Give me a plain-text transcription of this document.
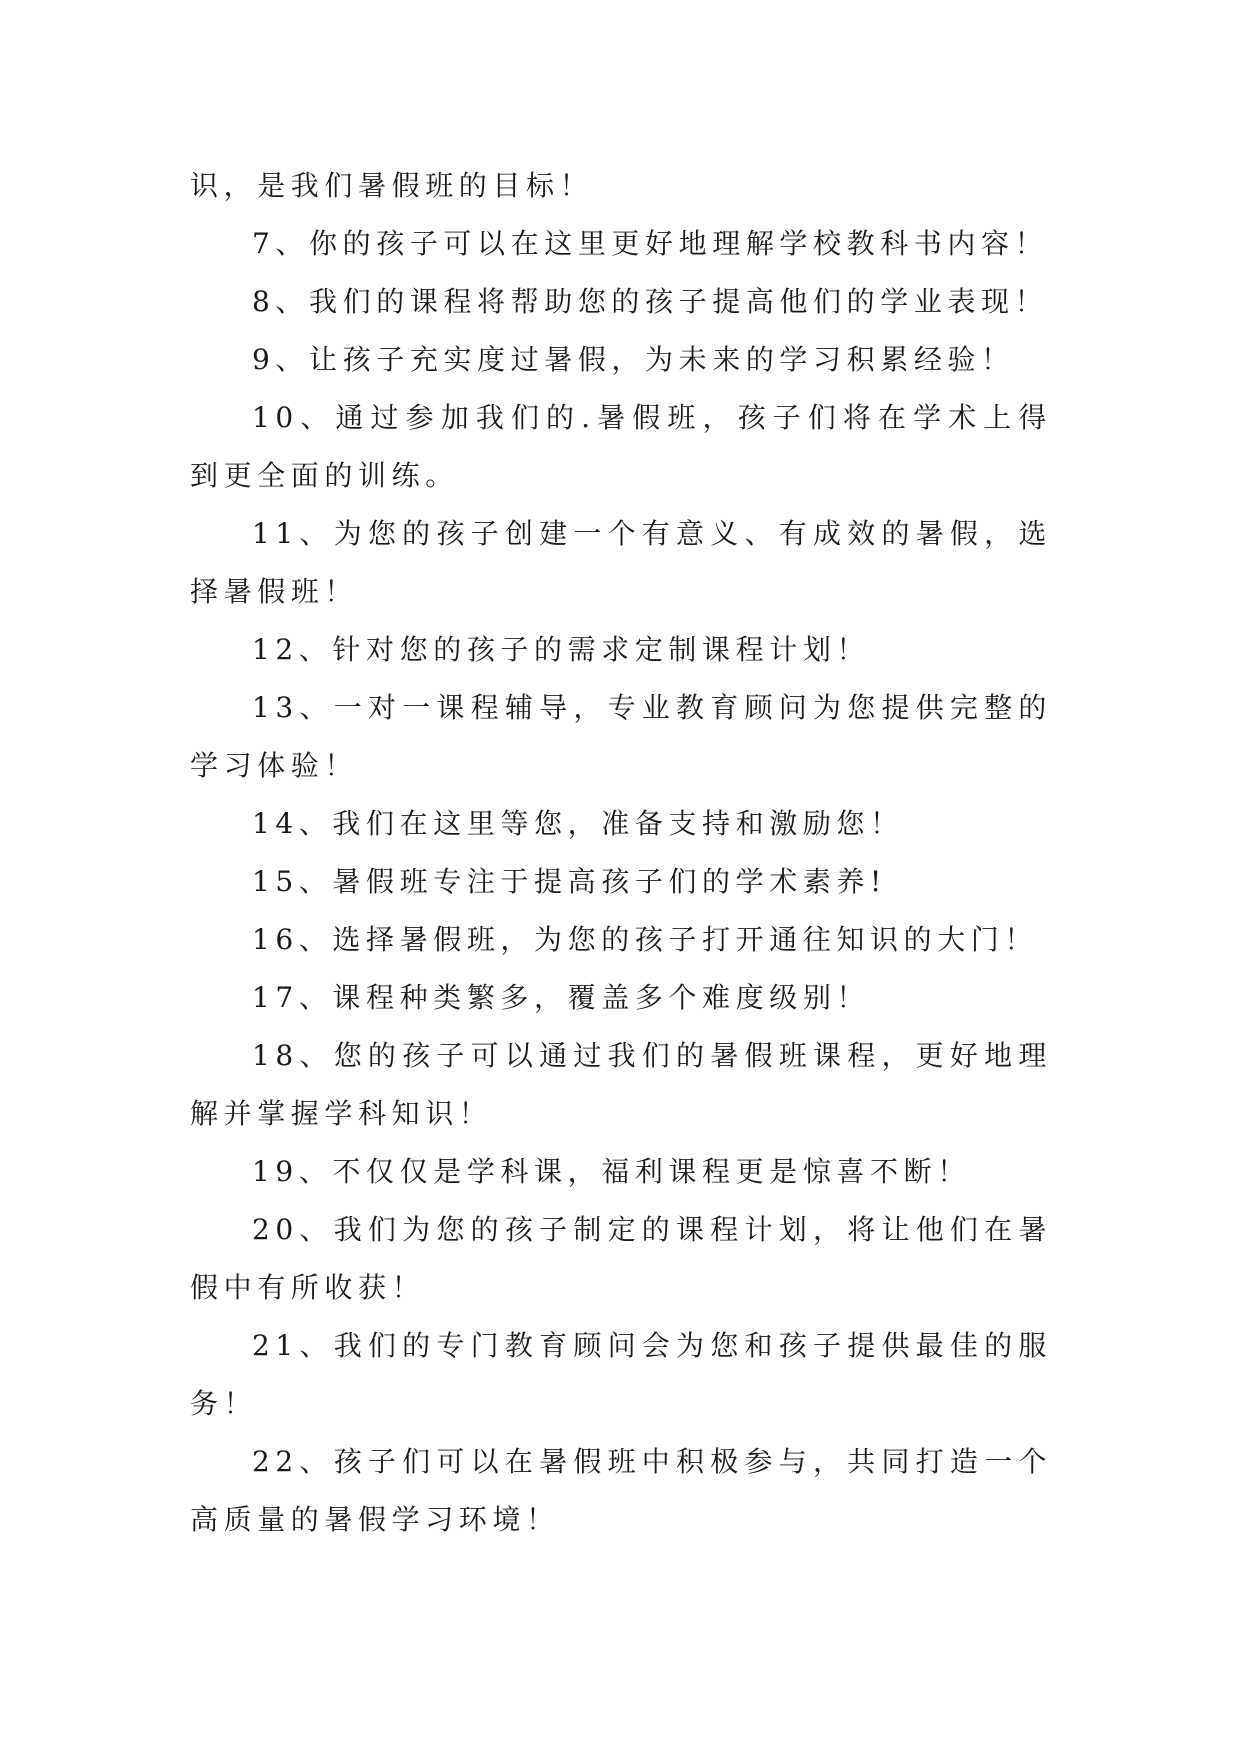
识，是我们暑假班的目标！

7、你的孩子可以在这里更好地理解学校教科书内容！

8、我们的课程将帮助您的孩子提高他们的学业表现！

9、让孩子充实度过暑假，为未来的学习积累经验！

10、通过参加我们的.暑假班，孩子们将在学术上得到更全面的训练。

11、为您的孩子创建一个有意义、有成效的暑假，选择暑假班！

12、针对您的孩子的需求定制课程计划！

13、一对一课程辅导，专业教育顾问为您提供完整的学习体验！

14、我们在这里等您，准备支持和激励您！

15、暑假班专注于提高孩子们的学术素养!

16、选择暑假班，为您的孩子打开通往知识的大门！

17、课程种类繁多，覆盖多个难度级别！

18、您的孩子可以通过我们的暑假班课程，更好地理解并掌握学科知识！

19、不仅仅是学科课，福利课程更是惊喜不断！

20、我们为您的孩子制定的课程计划，将让他们在暑假中有所收获！

21、我们的专门教育顾问会为您和孩子提供最佳的服务！

22、孩子们可以在暑假班中积极参与，共同打造一个高质量的暑假学习环境！
